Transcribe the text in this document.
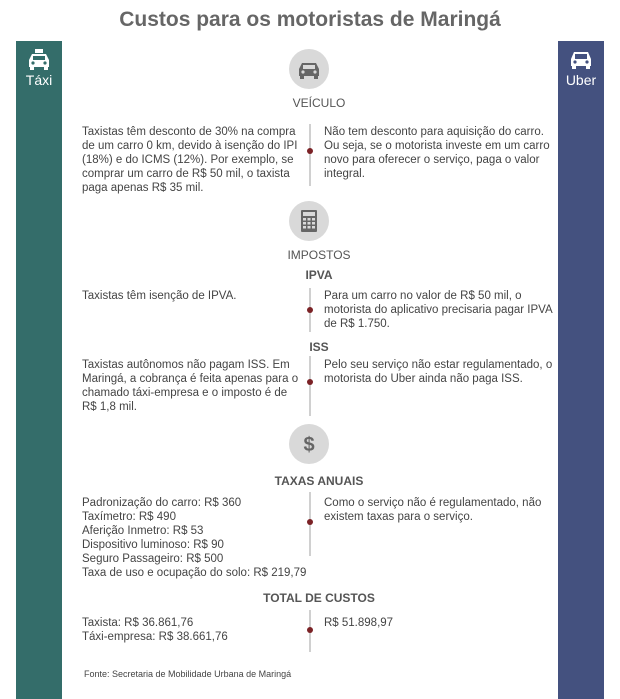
Custos para os motoristas de Maringá
Táxi	Uber
VEÍCULO
Taxistas têm desconto de 30% na compra de um carro 0 km, devido à isenção do IPI (18%) e do ICMS (12%). Por exemplo, se comprar um carro de R$ 50 mil, o taxista paga apenas R$ 35 mil.
Não tem desconto para aquisição do carro. Ou seja, se o motorista investe em um carro novo para oferecer o serviço, paga o valor integral.
IMPOSTOS
IPVA
Taxistas têm isenção de IPVA.	Para um carro no valor de R$ 50 mil, o motorista do aplicativo precisaria pagar IPVA de R$ 1.750.
ISS
Taxistas autônomos não pagam ISS. Em Maringá, a cobrança é feita apenas para o chamado táxi-empresa e o imposto é de R$ 1,8 mil.
Pelo seu serviço não estar regulamentado, o motorista do Uber ainda não paga ISS.
$
TAXAS ANUAIS
Padronização do carro: R$ 360
Taxímetro: R$ 490
Aferição Inmetro: R$ 53
Dispositivo luminoso: R$ 90
Seguro Passageiro: R$ 500
Taxa de uso e ocupação do solo: R$ 219,79
Como o serviço não é regulamentado, não existem taxas para o serviço.
TOTAL DE CUSTOS
Taxista: R$ 36.861,76
Táxi-empresa: R$ 38.661,76
R$ 51.898,97
Fonte: Secretaria de Mobilidade Urbana de Maringá
